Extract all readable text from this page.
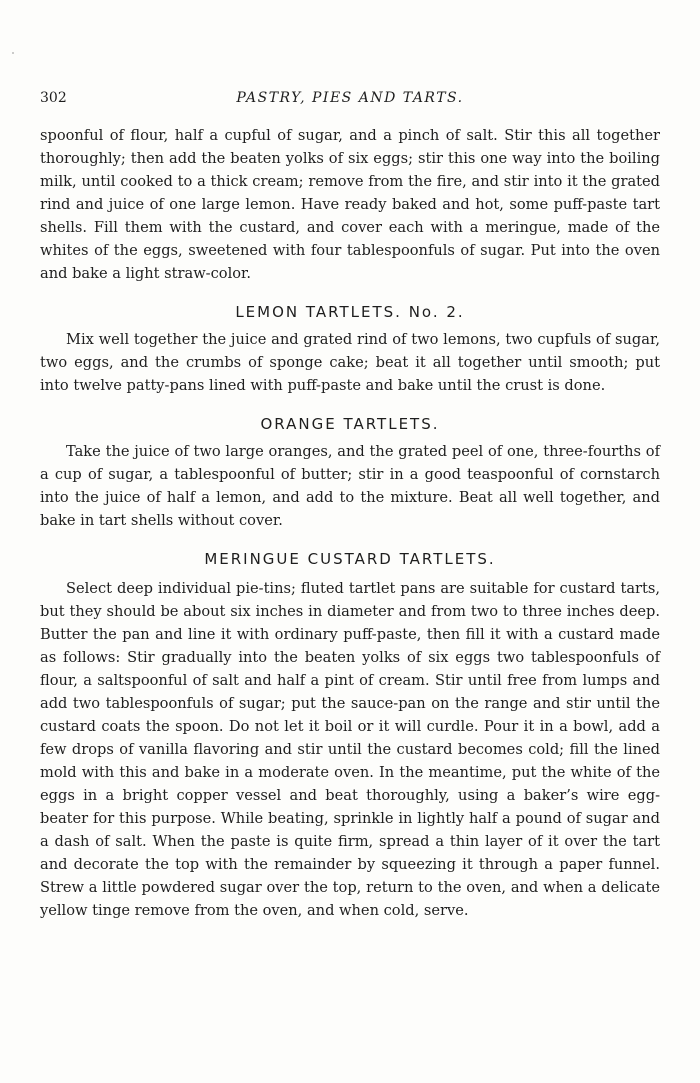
302	PASTRY, PIES AND TARTS.

spoonful of flour, half a cupful of sugar, and a pinch of salt. Stir this all together thoroughly; then add the beaten yolks of six eggs; stir this one way into the boiling milk, until cooked to a thick cream; remove from the fire, and stir into it the grated rind and juice of one large lemon. Have ready baked and hot, some puff-paste tart shells. Fill them with the custard, and cover each with a meringue, made of the whites of the eggs, sweetened with four tablespoonfuls of sugar. Put into the oven and bake a light straw-color.

LEMON TARTLETS. No. 2.

Mix well together the juice and grated rind of two lemons, two cupfuls of sugar, two eggs, and the crumbs of sponge cake; beat it all together until smooth; put into twelve patty-pans lined with puff-paste and bake until the crust is done.

ORANGE TARTLETS.

Take the juice of two large oranges, and the grated peel of one, three-fourths of a cup of sugar, a tablespoonful of butter; stir in a good teaspoonful of cornstarch into the juice of half a lemon, and add to the mixture. Beat all well together, and bake in tart shells without cover.

MERINGUE CUSTARD TARTLETS.

Select deep individual pie-tins; fluted tartlet pans are suitable for custard tarts, but they should be about six inches in diameter and from two to three inches deep. Butter the pan and line it with ordinary puff-paste, then fill it with a custard made as follows: Stir gradually into the beaten yolks of six eggs two tablespoonfuls of flour, a saltspoonful of salt and half a pint of cream. Stir until free from lumps and add two tablespoonfuls of sugar; put the sauce-pan on the range and stir until the custard coats the spoon. Do not let it boil or it will curdle. Pour it in a bowl, add a few drops of vanilla flavoring and stir until the custard becomes cold; fill the lined mold with this and bake in a moderate oven. In the meantime, put the white of the eggs in a bright copper vessel and beat thoroughly, using a baker’s wire egg-beater for this purpose. While beating, sprinkle in lightly half a pound of sugar and a dash of salt. When the paste is quite firm, spread a thin layer of it over the tart and decorate the top with the remainder by squeezing it through a paper funnel. Strew a little powdered sugar over the top, return to the oven, and when a delicate yellow tinge remove from the oven, and when cold, serve.
